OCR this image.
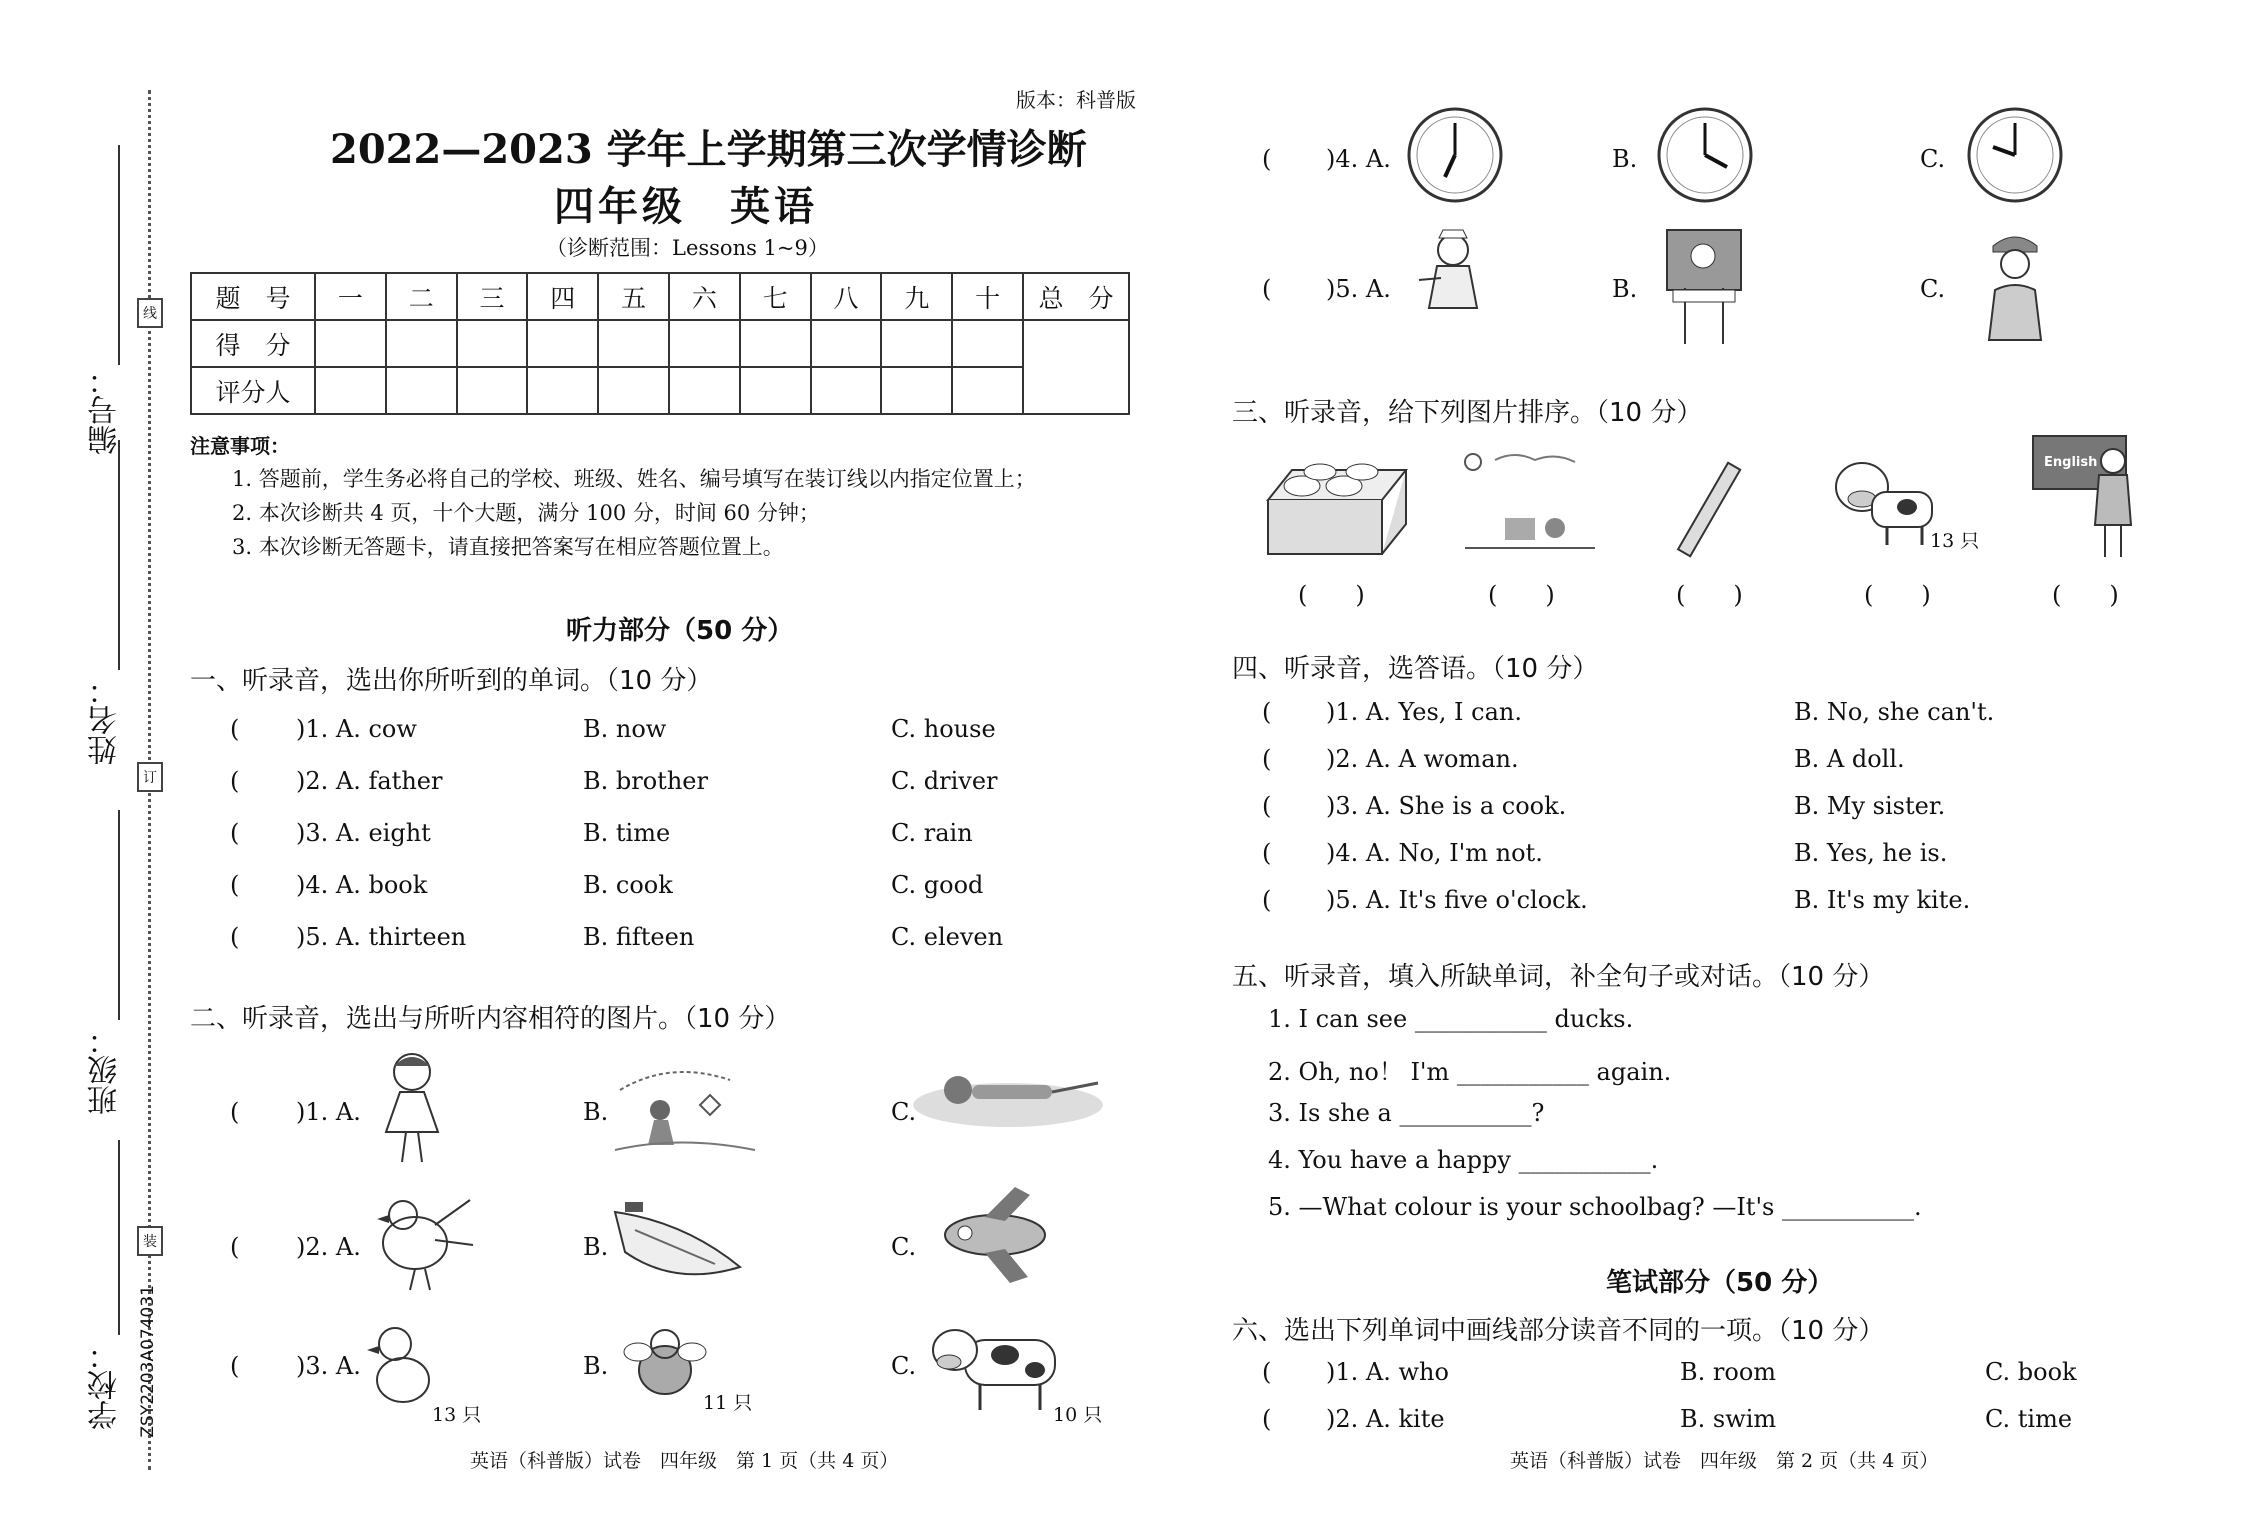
线
订
装
编号：
姓名：
班级：
学校： ZSY2203A074031
版本：科普版
2022—2023 学年上学期第三次学情诊断
四年级　英语
（诊断范围：Lessons 1~9）
题　号	一	二	三	四	五	六	七	八	九	十	总　分
得　分											
评分人											
注意事项：
1. 答题前，学生务必将自己的学校、班级、姓名、编号填写在装订线以内指定位置上；
2. 本次诊断共 4 页，十个大题，满分 100 分，时间 60 分钟；
3. 本次诊断无答题卡，请直接把答案写在相应答题位置上。
听力部分（50 分）
一、听录音，选出你所听到的单词。（10 分）
( )1. A. cow	B. now	C. house
( )2. A. father	B. brother	C. driver
( )3. A. eight	B. time	C. rain
( )4. A. book	B. cook	C. good
( )5. A. thirteen	B. fifteen	C. eleven
二、听录音，选出与所听内容相符的图片。（10 分）
( )1. A.	B.	C.
( )2. A.	B.	C.
( )3. A.	B.	C.
13 只
11 只
10 只
英语（科普版）试卷　四年级　第 1 页（共 4 页）
( )4. A.	B.	C.
( )5. A.	B.	C.
三、听录音，给下列图片排序。（10 分）
13 只
English
(　　)	(　　)	(　　)	(　　)	(　　)
四、听录音，选答语。（10 分）
( )1. A. Yes, I can.	B. No, she can't.
( )2. A. A woman.	B. A doll.
( )3. A. She is a cook.	B. My sister.
( )4. A. No, I'm not.	B. Yes, he is.
( )5. A. It's five o'clock.	B. It's my kite.
五、听录音，填入所缺单词，补全句子或对话。（10 分）
1. I can see ___________ ducks.
2. Oh, no！ I'm ___________ again.
3. Is she a ___________?
4. You have a happy ___________.
5. —What colour is your schoolbag? —It's ___________.
笔试部分（50 分）
六、选出下列单词中画线部分读音不同的一项。（10 分）
( )1. A. who	B. room	C. book
( )2. A. kite	B. swim	C. time
英语（科普版）试卷　四年级　第 2 页（共 4 页）
